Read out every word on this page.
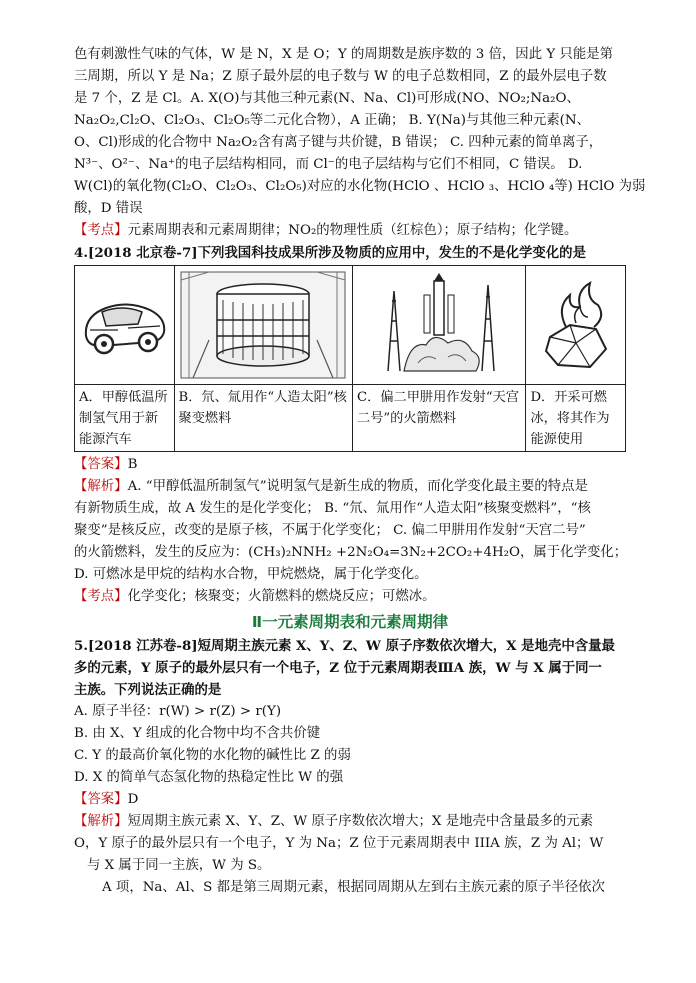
色有刺激性气味的气体，W 是 N，X 是 O；Y 的周期数是族序数的 3 倍，因此 Y 只能是第

三周期，所以 Y 是 Na；Z 原子最外层的电子数与 W 的电子总数相同，Z 的最外层电子数

是 7 个，Z 是 Cl。A. X(O)与其他三种元素(N、Na、Cl)可形成(NO、NO₂;Na₂O、

Na₂O₂,Cl₂O、Cl₂O₃、Cl₂O₅等二元化合物），A 正确； B. Y(Na)与其他三种元素(N、

O、Cl)形成的化合物中 Na₂O₂含有离子键与共价键，B 错误； C. 四种元素的简单离子，

N³⁻、O²⁻、Na⁺的电子层结构相同，而 Cl⁻的电子层结构与它们不相同，C 错误。 D.

W(Cl)的氧化物(Cl₂O、Cl₂O₃、Cl₂O₅)对应的水化物(HClO 、HClO ₃、HClO ₄等) HClO 为弱

酸，D 错误

【考点】元素周期表和元素周期律；NO₂的物理性质（红棕色）；原子结构；化学键。

4.[2018 北京卷-7]下列我国科技成果所涉及物质的应用中，发生的不是化学变化的是

A．甲醇低温所制氢气用于新能源汽车	B．氘、氚用作“人造太阳”核聚变燃料	C．偏二甲肼用作发射“天宫二号”的火箭燃料	D．开采可燃冰，将其作为能源使用

【答案】B

【解析】A. “甲醇低温所制氢气”说明氢气是新生成的物质，而化学变化最主要的特点是

有新物质生成，故 A 发生的是化学变化； B. “氘、氚用作“人造太阳”核聚变燃料”，“核

聚变”是核反应，改变的是原子核，不属于化学变化； C. 偏二甲肼用作发射“天宫二号”

的火箭燃料，发生的反应为：(CH₃)₂NNH₂ +2N₂O₄=3N₂+2CO₂+4H₂O，属于化学变化；

D. 可燃冰是甲烷的结构水合物，甲烷燃烧，属于化学变化。

【考点】化学变化；核聚变；火箭燃料的燃烧反应；可燃冰。

Ⅱ一元素周期表和元素周期律

5.[2018 江苏卷-8]短周期主族元素 X、Y、Z、W 原子序数依次增大，X 是地壳中含量最

多的元素，Y 原子的最外层只有一个电子，Z 位于元素周期表ⅢA 族，W 与 X 属于同一

主族。下列说法正确的是

A. 原子半径：r(W) > r(Z) > r(Y)

B. 由 X、Y 组成的化合物中均不含共价键

C. Y 的最高价氧化物的水化物的碱性比 Z 的弱

D. X 的简单气态氢化物的热稳定性比 W 的强

【答案】D

【解析】短周期主族元素 X、Y、Z、W 原子序数依次增大；X 是地壳中含量最多的元素

O，Y 原子的最外层只有一个电子，Y 为 Na；Z 位于元素周期表中 IIIA 族，Z 为 Al；W

与 X 属于同一主族，W 为 S。

A 项，Na、Al、S 都是第三周期元素，根据同周期从左到右主族元素的原子半径依次
